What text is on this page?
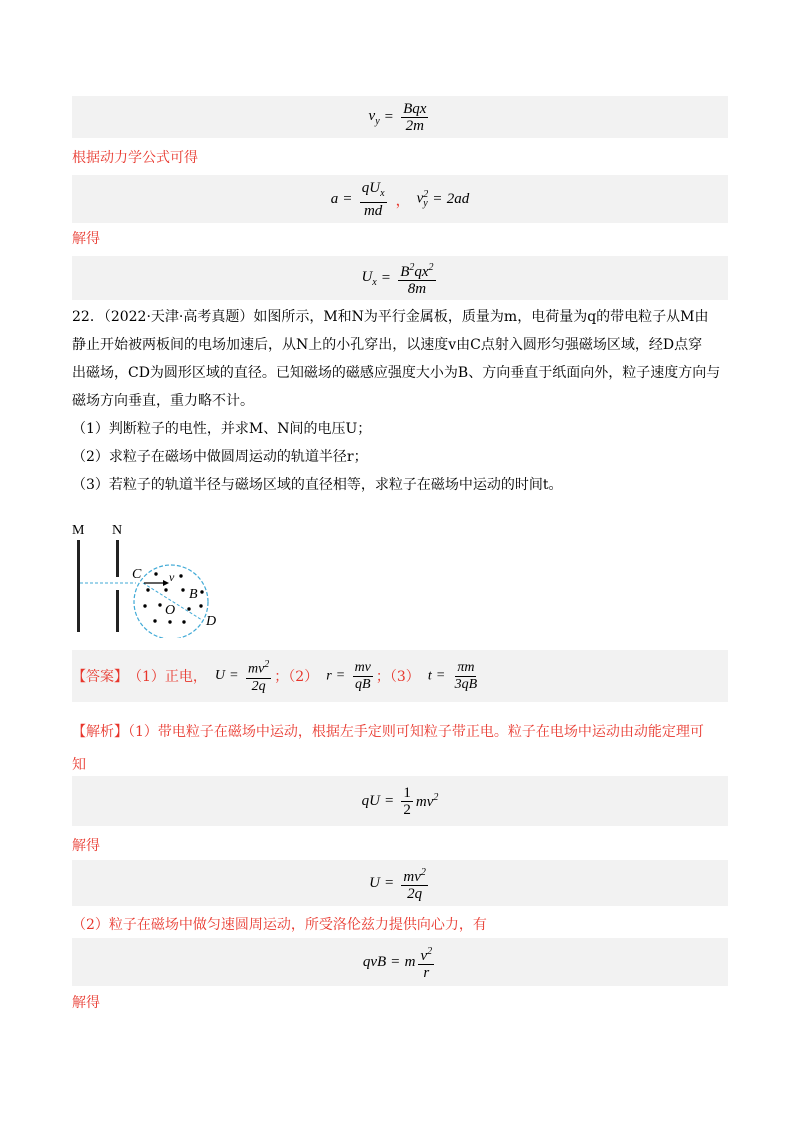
$v_y = \frac{\text{Bqx}}{2m}$
根据动力学公式可得
$a = \frac{qU_x}{md}$ ， v 2
y = 2ad
解得
$U_x = \frac{B^2qx^2}{8m}$
22．（2022·天津·高考真题）如图所示，M和N为平行金属板，质量为m，电荷量为q的带电粒子从M由
静止开始被两板间的电场加速后，从N上的小孔穿出，以速度v由C点射入圆形匀强磁场区域，经D点穿
出磁场，CD为圆形区域的直径。已知磁场的磁感应强度大小为B、方向垂直于纸面向外，粒子速度方向与
磁场方向垂直，重力略不计。
（1）判断粒子的电性，并求M、N间的电压U；
（2）求粒子在磁场中做圆周运动的轨道半径r；
（3）若粒子的轨道半径与磁场区域的直径相等，求粒子在磁场中运动的时间t。
M N
C v
B
O
D
【答案】 （1）正电， $U = \frac{mv^2}{2q}$ ；（2） $r = \frac{mv}{qB}$ ；（3） $t = \frac{\pi m}{3qB}$
【解析】（1）带电粒子在磁场中运动，根据左手定则可知粒子带正电。粒子在电场中运动由动能定理可
知
qU = $\frac{1}{2} mv^2$
解得
$U = \frac{mv^2}{2q}$
（2）粒子在磁场中做匀速圆周运动，所受洛伦兹力提供向心力，有
qvB = m $\frac{v^2}{r}$
解得
